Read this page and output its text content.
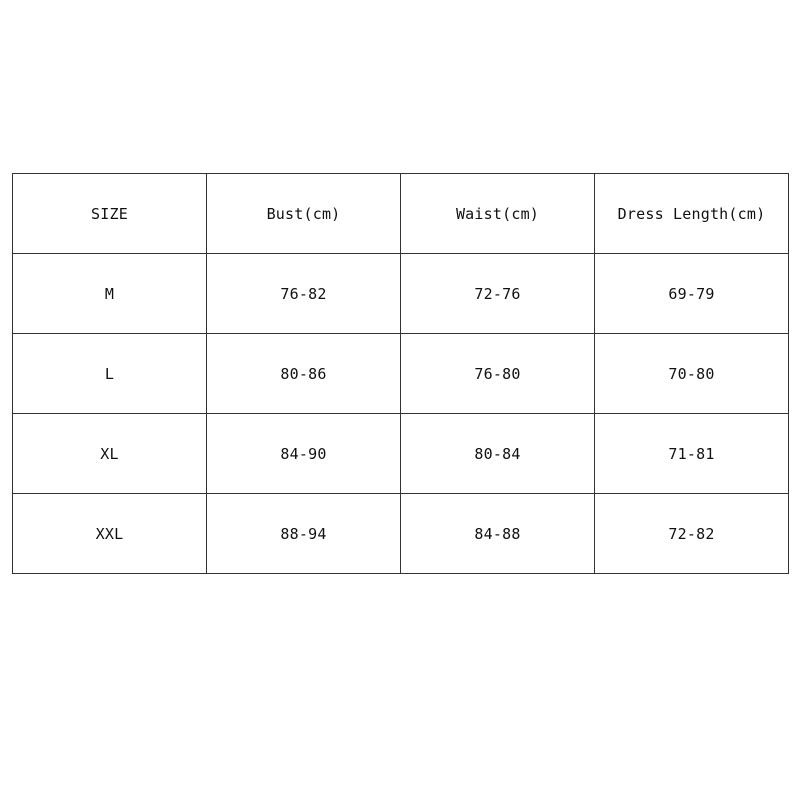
SIZE	Bust(cm)	Waist(cm)	Dress Length(cm)
M	76-82	72-76	69-79
L	80-86	76-80	70-80
XL	84-90	80-84	71-81
XXL	88-94	84-88	72-82
